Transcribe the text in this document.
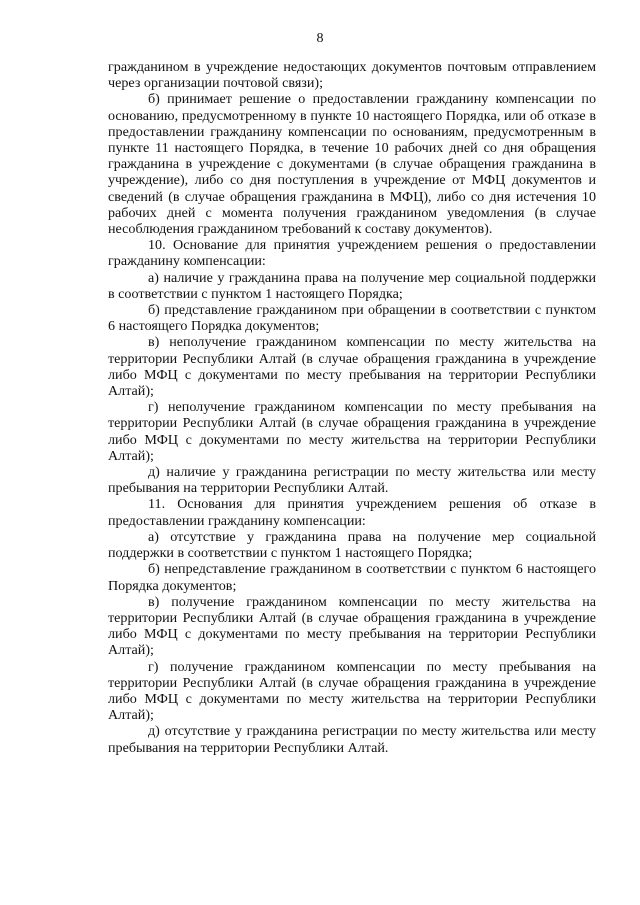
8

гражданином в учреждение недостающих документов почтовым отправлением через организации почтовой связи);

б) принимает решение о предоставлении гражданину компенсации по основанию, предусмотренному в пункте 10 настоящего Порядка, или об отказе в предоставлении гражданину компенсации по основаниям, предусмотренным в пункте 11 настоящего Порядка, в течение 10 рабочих дней со дня обращения гражданина в учреждение с документами (в случае обращения гражданина в учреждение), либо со дня поступления в учреждение от МФЦ документов и сведений (в случае обращения гражданина в МФЦ), либо со дня истечения 10 рабочих дней с момента получения гражданином уведомления (в случае несоблюдения гражданином требований к составу документов).

10. Основание для принятия учреждением решения о предоставлении гражданину компенсации:

а) наличие у гражданина права на получение мер социальной поддержки в соответствии с пунктом 1 настоящего Порядка;

б) представление гражданином при обращении в соответствии с пунктом 6 настоящего Порядка документов;

в) неполучение гражданином компенсации по месту жительства на территории Республики Алтай (в случае обращения гражданина в учреждение либо МФЦ с документами по месту пребывания на территории Республики Алтай);

г) неполучение гражданином компенсации по месту пребывания на территории Республики Алтай (в случае обращения гражданина в учреждение либо МФЦ с документами по месту жительства на территории Республики Алтай);

д) наличие у гражданина регистрации по месту жительства или месту пребывания на территории Республики Алтай.

11. Основания для принятия учреждением решения об отказе в предоставлении гражданину компенсации:

а) отсутствие у гражданина права на получение мер социальной поддержки в соответствии с пунктом 1 настоящего Порядка;

б) непредставление гражданином в соответствии с пунктом 6 настоящего Порядка документов;

в) получение гражданином компенсации по месту жительства на территории Республики Алтай (в случае обращения гражданина в учреждение либо МФЦ с документами по месту пребывания на территории Республики Алтай);

г) получение гражданином компенсации по месту пребывания на территории Республики Алтай (в случае обращения гражданина в учреждение либо МФЦ с документами по месту жительства на территории Республики Алтай);

д) отсутствие у гражданина регистрации по месту жительства или месту пребывания на территории Республики Алтай.
